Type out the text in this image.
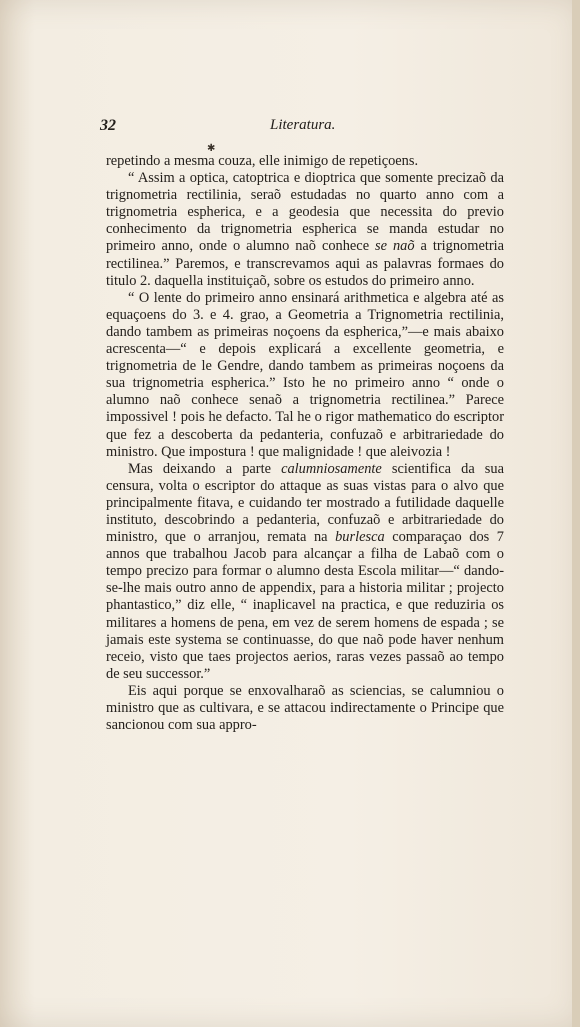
32	Literatura.
✱

repetindo a mesma couza, elle inimigo de repetiçoens.

“ Assim a optica, catoptrica e dioptrica que somente precizaõ da trignometria rectilinia, seraõ estudadas no quarto anno com a trignometria espherica, e a geodesia que necessita do previo conhecimento da trignometria espherica se manda estudar no primeiro anno, onde o alumno naõ conhece se naõ a trignometria rectilinea.” Paremos, e transcrevamos aqui as palavras formaes do titulo 2. daquella instituiçaõ, sobre os estudos do primeiro anno.

“ O lente do primeiro anno ensinará arithmetica e algebra até as equaçoens do 3. e 4. grao, a Geometria a Trignometria rectilinia, dando tambem as primeiras noçoens da espherica,”—e mais abaixo acrescenta—“ e depois explicará a excellente geometria, e trignometria de le Gendre, dando tambem as primeiras noçoens da sua trignometria espherica.” Isto he no primeiro anno “ onde o alumno naõ conhece senaõ a trignometria rectilinea.” Parece impossivel ! pois he defacto. Tal he o rigor mathematico do escriptor que fez a descoberta da pedanteria, confuzaõ e arbitrariedade do ministro. Que impostura ! que malignidade ! que aleivozia !

Mas deixando a parte calumniosamente scientifica da sua censura, volta o escriptor do attaque as suas vistas para o alvo que principalmente fitava, e cuidando ter mostrado a futilidade daquelle instituto, descobrindo a pedanteria, confuzaõ e arbitrariedade do ministro, que o arranjou, remata na burlesca comparaçao dos 7 annos que trabalhou Jacob para alcançar a filha de Labaõ com o tempo precizo para formar o alumno desta Escola militar—“ dando-se-lhe mais outro anno de appendix, para a historia militar ; projecto phantastico,” diz elle, “ inaplicavel na practica, e que reduziria os militares a homens de pena, em vez de serem homens de espada ; se jamais este systema se continuasse, do que naõ pode haver nenhum receio, visto que taes projectos aerios, raras vezes passaõ ao tempo de seu successor.”

Eis aqui porque se enxovalharaõ as sciencias, se calumniou o ministro que as cultivara, e se attacou indirectamente o Principe que sancionou com sua appro-
